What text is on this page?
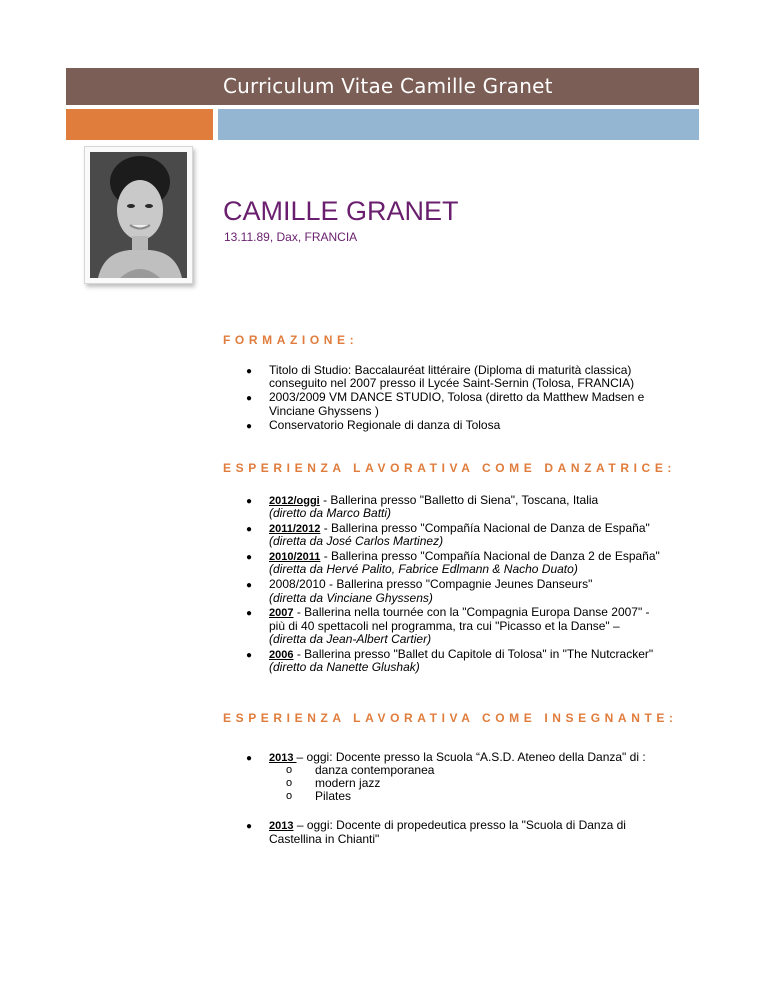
Curriculum Vitae Camille Granet
CAMILLE GRANET
13.11.89, Dax, FRANCIA
FORMAZIONE:
● Titolo di Studio: Baccalauréat littéraire (Diploma di maturità classica)
conseguito nel 2007 presso il Lycée Saint-Sernin (Tolosa, FRANCIA)
● 2003/2009 VM DANCE STUDIO, Tolosa (diretto da Matthew Madsen e
Vinciane Ghyssens )
● Conservatorio Regionale di danza di Tolosa
ESPERIENZA LAVORATIVA COME DANZATRICE:
● 2012/oggi - Ballerina presso "Balletto di Siena", Toscana, Italia
(diretto da Marco Batti)
● 2011/2012 - Ballerina presso "Compañía Nacional de Danza de España"
(diretta da José Carlos Martinez)
● 2010/2011 - Ballerina presso "Compañía Nacional de Danza 2 de España"
(diretta da Hervé Palito, Fabrice Edlmann & Nacho Duato)
● 2008/2010 - Ballerina presso "Compagnie Jeunes Danseurs"
(diretta da Vinciane Ghyssens)
● 2007 - Ballerina nella tournée con la "Compagnia Europa Danse 2007" -
più di 40 spettacoli nel programma, tra cui "Picasso et la Danse" –
(diretta da Jean-Albert Cartier)
● 2006 - Ballerina presso "Ballet du Capitole di Tolosa" in "The Nutcracker"
(diretto da Nanette Glushak)
ESPERIENZA LAVORATIVA COME INSEGNANTE:
● 2013 – oggi: Docente presso la Scuola “A.S.D. Ateneo della Danza" di :
o danza contemporanea
o modern jazz
o Pilates
● 2013 – oggi: Docente di propedeutica presso la "Scuola di Danza di
Castellina in Chianti"
